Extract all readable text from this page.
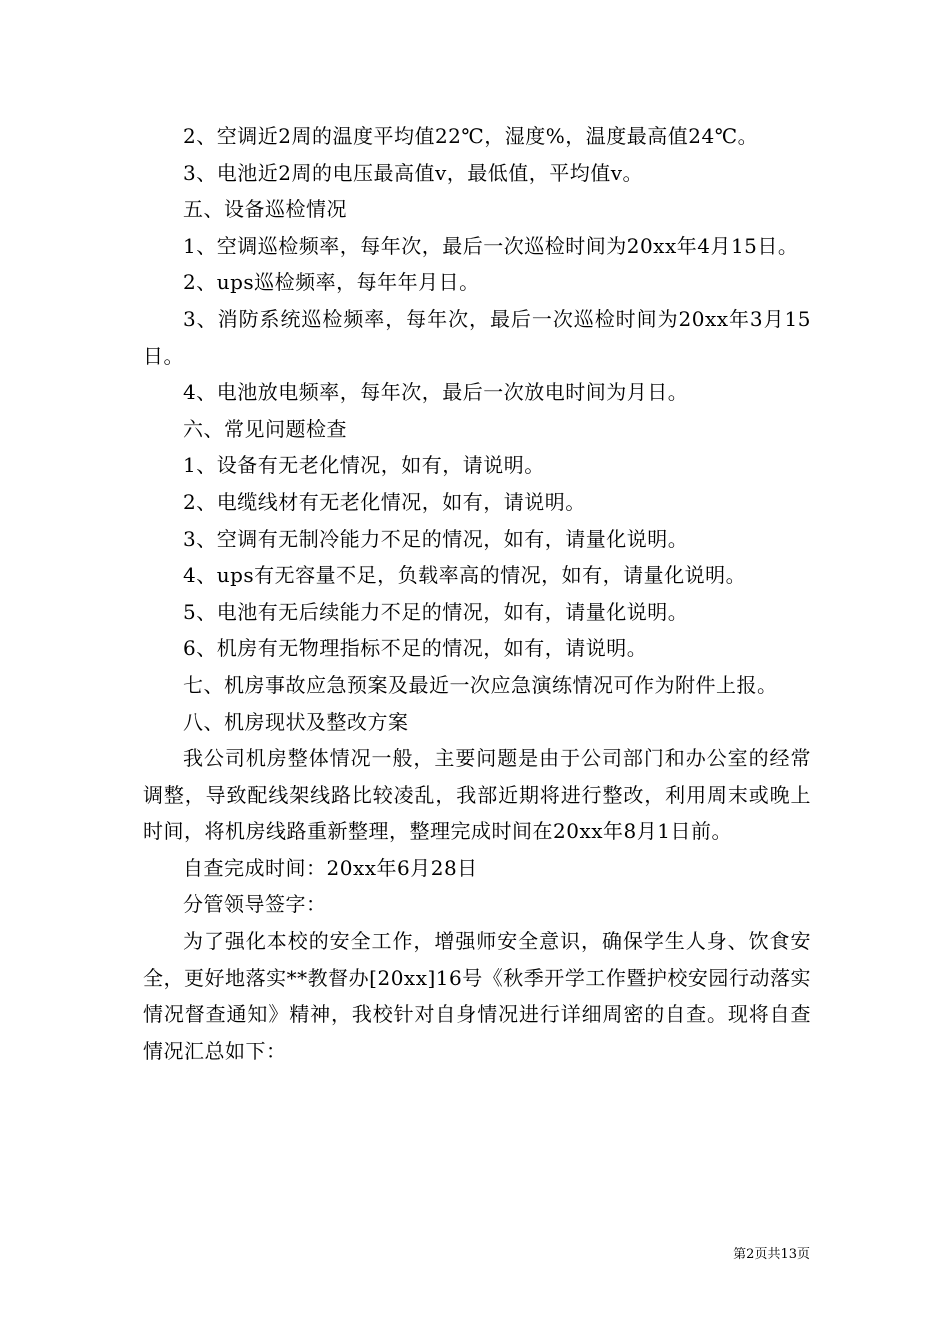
2、空调近2周的温度平均值22℃，湿度%，温度最高值24℃。

3、电池近2周的电压最高值v，最低值，平均值v。

五、设备巡检情况

1、空调巡检频率，每年次，最后一次巡检时间为20xx年4月15日。

2、ups巡检频率，每年年月日。

3、消防系统巡检频率，每年次，最后一次巡检时间为20xx年3月15日。

4、电池放电频率，每年次，最后一次放电时间为月日。

六、常见问题检查

1、设备有无老化情况，如有，请说明。

2、电缆线材有无老化情况，如有，请说明。

3、空调有无制冷能力不足的情况，如有，请量化说明。

4、ups有无容量不足，负载率高的情况，如有，请量化说明。

5、电池有无后续能力不足的情况，如有，请量化说明。

6、机房有无物理指标不足的情况，如有，请说明。

七、机房事故应急预案及最近一次应急演练情况可作为附件上报。

八、机房现状及整改方案

我公司机房整体情况一般，主要问题是由于公司部门和办公室的经常调整，导致配线架线路比较凌乱，我部近期将进行整改，利用周末或晚上时间，将机房线路重新整理，整理完成时间在20xx年8月1日前。

自查完成时间：20xx年6月28日

分管领导签字：

为了强化本校的安全工作，增强师安全意识，确保学生人身、饮食安全，更好地落实**教督办[20xx]16号《秋季开学工作暨护校安园行动落实情况督查通知》精神，我校针对自身情况进行详细周密的自查。现将自查情况汇总如下：

第2页共13页
